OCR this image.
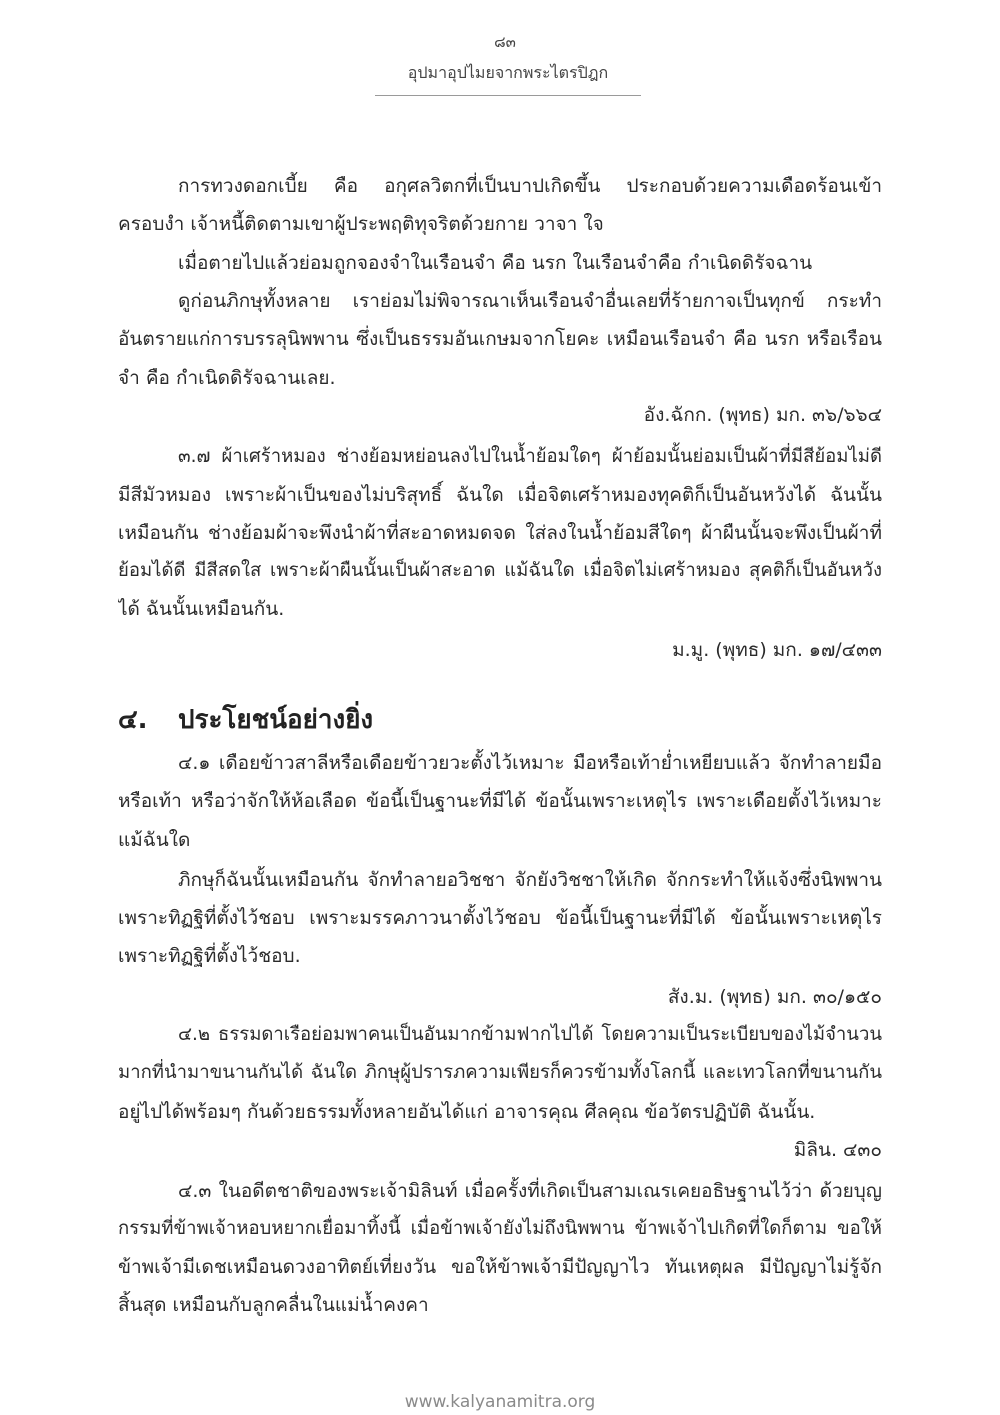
๘๓
อุปมาอุปไมยจากพระไตรปิฎก
การทวงดอกเบี้ย คือ อกุศลวิตกที่เป็นบาปเกิดขึ้น ประกอบด้วยความเดือดร้อนเข้า
ครอบงำ เจ้าหนี้ติดตามเขาผู้ประพฤติทุจริตด้วยกาย วาจา ใจ
เมื่อตายไปแล้วย่อมถูกจองจำในเรือนจำ คือ นรก ในเรือนจำคือ กำเนิดดิรัจฉาน
ดูก่อนภิกษุทั้งหลาย เราย่อมไม่พิจารณาเห็นเรือนจำอื่นเลยที่ร้ายกาจเป็นทุกข์ กระทำ
อันตรายแก่การบรรลุนิพพาน ซึ่งเป็นธรรมอันเกษมจากโยคะ เหมือนเรือนจำ คือ นรก หรือเรือน
จำ คือ กำเนิดดิรัจฉานเลย.
อัง.ฉักก. (พุทธ) มก. ๓๖/๖๖๔
๓.๗ ผ้าเศร้าหมอง ช่างย้อมหย่อนลงไปในน้ำย้อมใดๆ ผ้าย้อมนั้นย่อมเป็นผ้าที่มีสีย้อมไม่ดี
มีสีมัวหมอง เพราะผ้าเป็นของไม่บริสุทธิ์ ฉันใด เมื่อจิตเศร้าหมองทุคติก็เป็นอันหวังได้ ฉันนั้น
เหมือนกัน ช่างย้อมผ้าจะพึงนำผ้าที่สะอาดหมดจด ใส่ลงในน้ำย้อมสีใดๆ ผ้าผืนนั้นจะพึงเป็นผ้าที่
ย้อมได้ดี มีสีสดใส เพราะผ้าผืนนั้นเป็นผ้าสะอาด แม้ฉันใด เมื่อจิตไม่เศร้าหมอง สุคติก็เป็นอันหวัง
ได้ ฉันนั้นเหมือนกัน.
ม.มู. (พุทธ) มก. ๑๗/๔๓๓
๔. ประโยชน์อย่างยิ่ง
๔.๑ เดือยข้าวสาลีหรือเดือยข้าวยวะตั้งไว้เหมาะ มือหรือเท้าย่ำเหยียบแล้ว จักทำลายมือ
หรือเท้า หรือว่าจักให้ห้อเลือด ข้อนี้เป็นฐานะที่มีได้ ข้อนั้นเพราะเหตุไร เพราะเดือยตั้งไว้เหมาะ
แม้ฉันใด
ภิกษุก็ฉันนั้นเหมือนกัน จักทำลายอวิชชา จักยังวิชชาให้เกิด จักกระทำให้แจ้งซึ่งนิพพาน
เพราะทิฏฐิที่ตั้งไว้ชอบ เพราะมรรคภาวนาตั้งไว้ชอบ ข้อนี้เป็นฐานะที่มีได้ ข้อนั้นเพราะเหตุไร
เพราะทิฏฐิที่ตั้งไว้ชอบ.
สัง.ม. (พุทธ) มก. ๓๐/๑๕๐
๔.๒ ธรรมดาเรือย่อมพาคนเป็นอันมากข้ามฟากไปได้ โดยความเป็นระเบียบของไม้จำนวน
มากที่นำมาขนานกันได้ ฉันใด ภิกษุผู้ปรารภความเพียรก็ควรข้ามทั้งโลกนี้ และเทวโลกที่ขนานกัน
อยู่ไปได้พร้อมๆ กันด้วยธรรมทั้งหลายอันได้แก่ อาจารคุณ ศีลคุณ ข้อวัตรปฏิบัติ ฉันนั้น.
มิลิน. ๔๓๐
๔.๓ ในอดีตชาติของพระเจ้ามิลินท์ เมื่อครั้งที่เกิดเป็นสามเณรเคยอธิษฐานไว้ว่า ด้วยบุญ
กรรมที่ข้าพเจ้าหอบหยากเยื่อมาทิ้งนี้ เมื่อข้าพเจ้ายังไม่ถึงนิพพาน ข้าพเจ้าไปเกิดที่ใดก็ตาม ขอให้
ข้าพเจ้ามีเดชเหมือนดวงอาทิตย์เที่ยงวัน ขอให้ข้าพเจ้ามีปัญญาไว ทันเหตุผล มีปัญญาไม่รู้จัก
สิ้นสุด เหมือนกับลูกคลื่นในแม่น้ำคงคา
www.kalyanamitra.org
